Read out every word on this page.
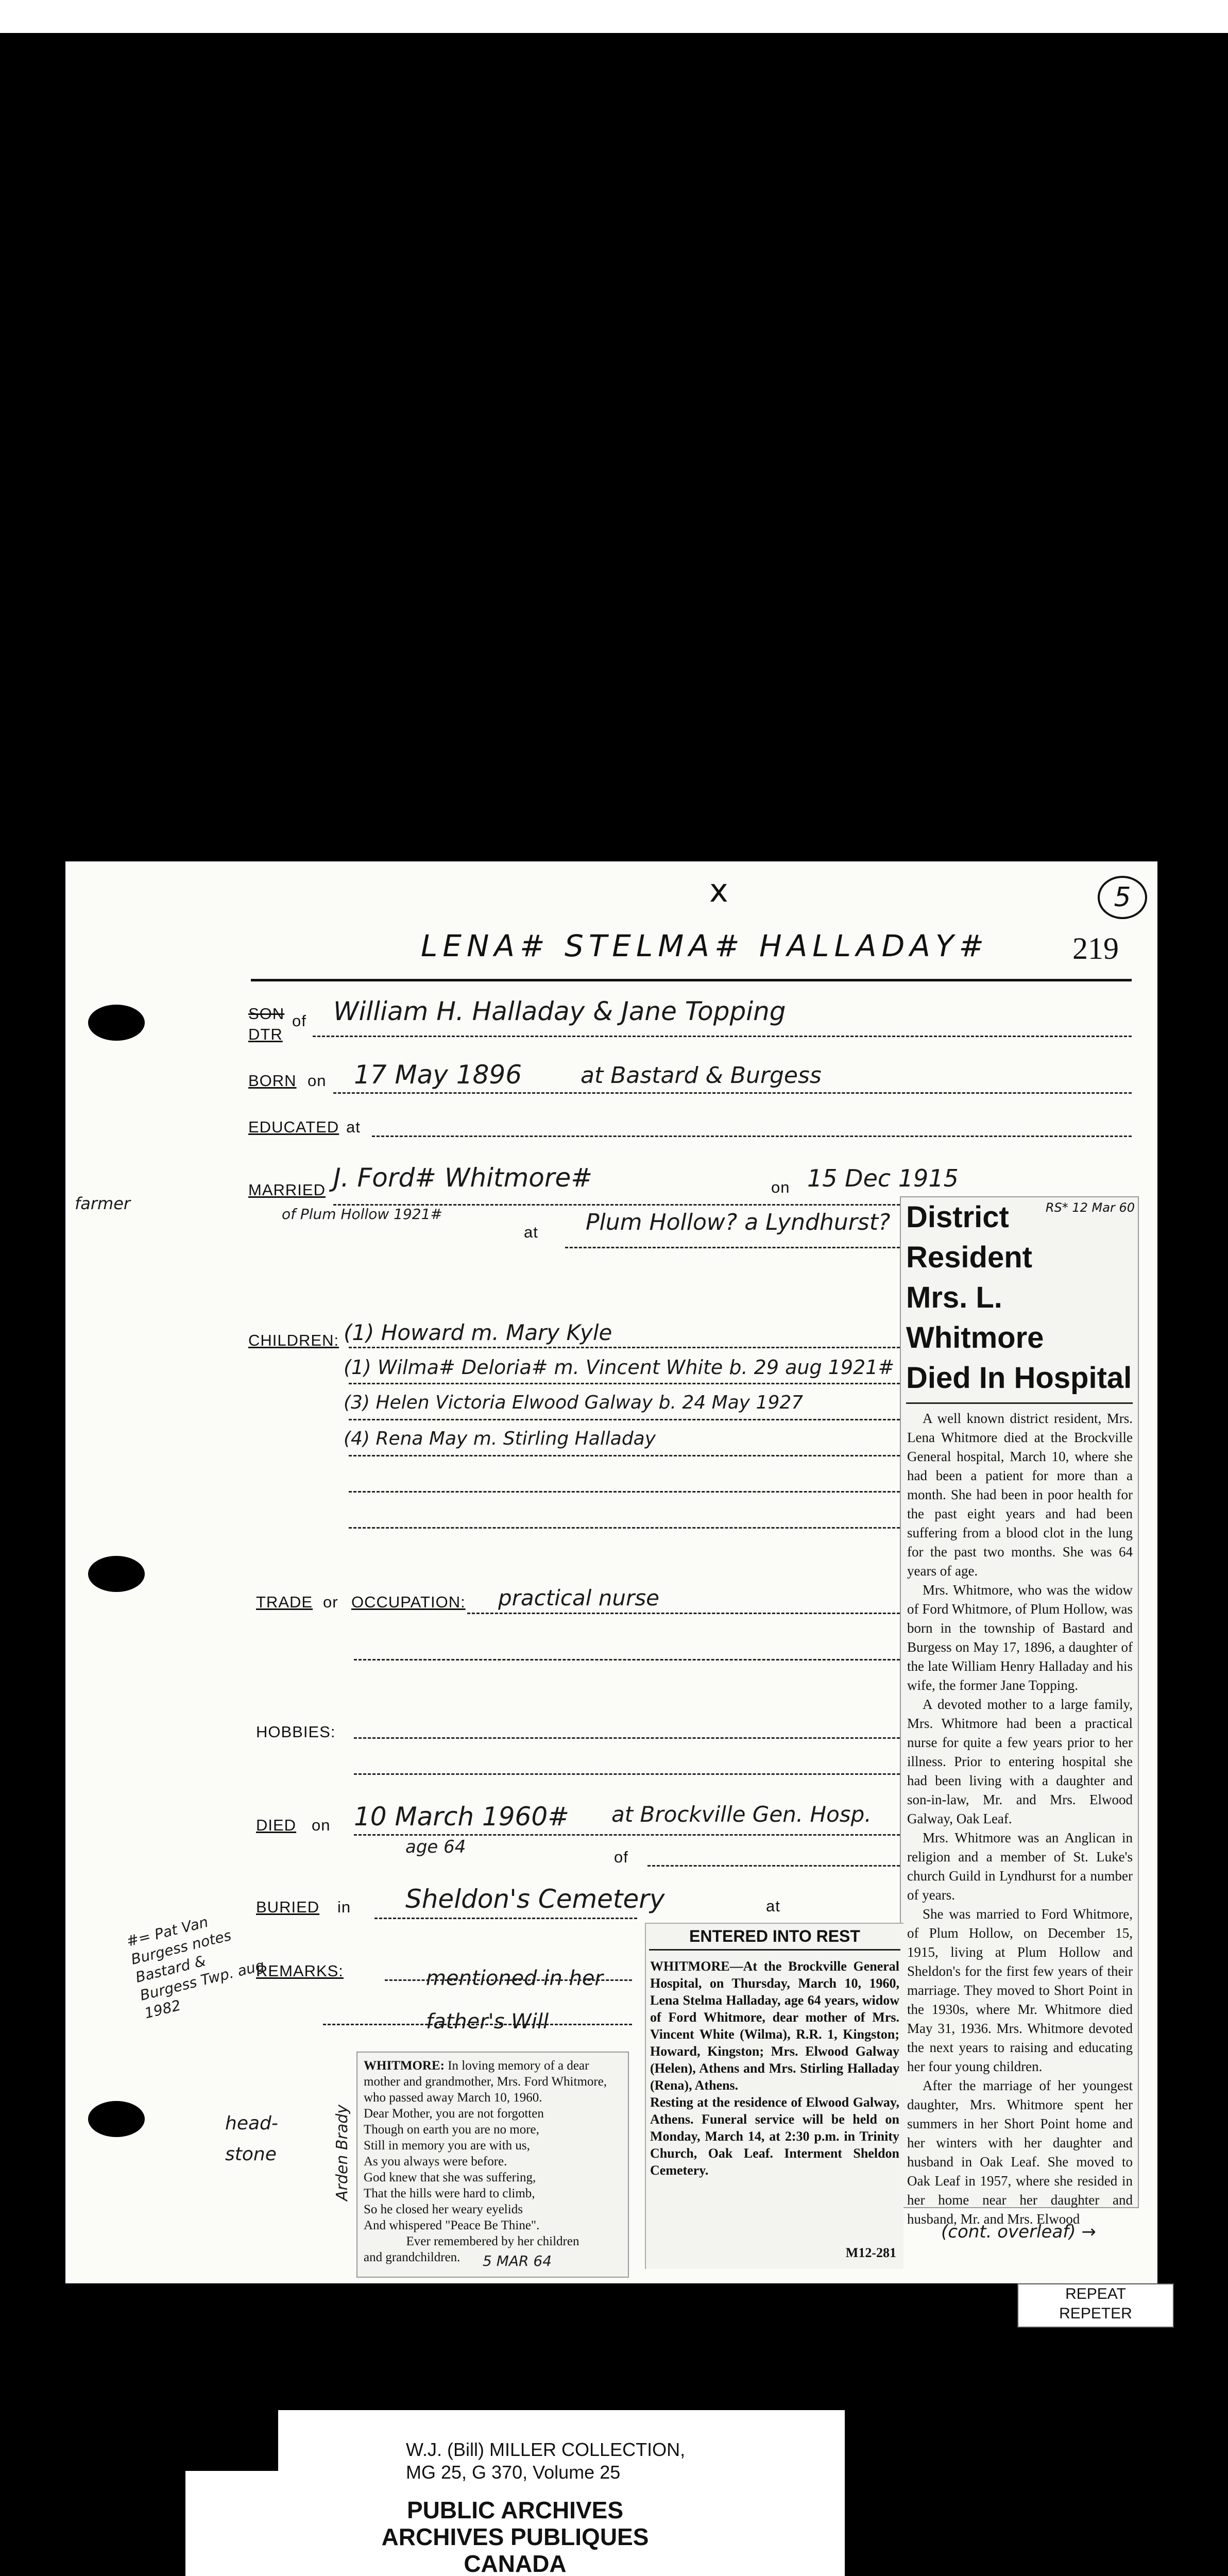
x	5
LENA# STELMA# HALLADAY#	219
SON
DTR
of William H. Halladay & Jane Topping
BORN on 17 May 1896	at Bastard & Burgess
EDUCATED at
MARRIED J. Ford# Whitmore#	on 15 Dec 1915
farmer
of Plum Hollow 1921#
at Plum Hollow? a Lyndhurst?
CHILDREN: (1) Howard m. Mary Kyle
(1) Wilma# Deloria# m. Vincent White b. 29 aug 1921#
(3) Helen Victoria Elwood Galway b. 24 May 1927
(4) Rena May m. Stirling Halladay
TRADE or OCCUPATION: practical nurse
HOBBIES:
DIED on 10 March 1960# at Brockville Gen. Hosp.
age 64	of
BURIED in Sheldon's Cemetery	at
REMARKS:	mentioned in her father's Will
#= Pat Van Burgess notes Bastard & Burgess Twp. aug 1982
head-stone	Arden Brady
RS* 12 Mar 60
District Resident
Mrs. L. Whitmore
Died In Hospital

A well known district resident, Mrs. Lena Whitmore died at the Brockville General hospital, March 10, where she had been a patient for more than a month. She had been in poor health for the past eight years and had been suffering from a blood clot in the lung for the past two months. She was 64 years of age.

Mrs. Whitmore, who was the widow of Ford Whitmore, of Plum Hollow, was born in the township of Bastard and Burgess on May 17, 1896, a daughter of the late William Henry Halladay and his wife, the former Jane Topping.

A devoted mother to a large family, Mrs. Whitmore had been a practical nurse for quite a few years prior to her illness. Prior to entering hospital she had been living with a daughter and son-in-law, Mr. and Mrs. Elwood Galway, Oak Leaf.

Mrs. Whitmore was an Anglican in religion and a member of St. Luke's church Guild in Lyndhurst for a number of years.

She was married to Ford Whitmore, of Plum Hollow, on December 15, 1915, living at Plum Hollow and Sheldon's for the first few years of their marriage. They moved to Short Point in the 1930s, where Mr. Whitmore died May 31, 1936. Mrs. Whitmore devoted the next years to raising and educating her four young children.

After the marriage of her youngest daughter, Mrs. Whitmore spent her summers in her Short Point home and her winters with her daughter and husband in Oak Leaf. She moved to Oak Leaf in 1957, where she resided in her home near her daughter and husband, Mr. and Mrs. Elwood

(cont. overleaf) →
ENTERED INTO REST
WHITMORE—At the Brockville General Hospital, on Thursday, March 10, 1960, Lena Stelma Halladay, age 64 years, widow of Ford Whitmore, dear mother of Mrs. Vincent White (Wilma), R.R. 1, Kingston; Howard, Kingston; Mrs. Elwood Galway (Helen), Athens and Mrs. Stirling Halladay (Rena), Athens.
Resting at the residence of Elwood Galway, Athens. Funeral service will be held on Monday, March 14, at 2:30 p.m. in Trinity Church, Oak Leaf. Interment Sheldon Cemetery.
M12-281
WHITMORE: In loving memory of a dear mother and grandmother, Mrs. Ford Whitmore, who passed away March 10, 1960.
Dear Mother, you are not forgotten
Though on earth you are no more,
Still in memory you are with us,
As you always were before.
God knew that she was suffering,
That the hills were hard to climb,
So he closed her weary eyelids
And whispered "Peace Be Thine".
Ever remembered by her children
and grandchildren.	5 MAR 64
REPEAT
REPETER
W.J. (Bill) MILLER COLLECTION,
MG 25, G 370, Volume 25
PUBLIC ARCHIVES
ARCHIVES PUBLIQUES
CANADA
